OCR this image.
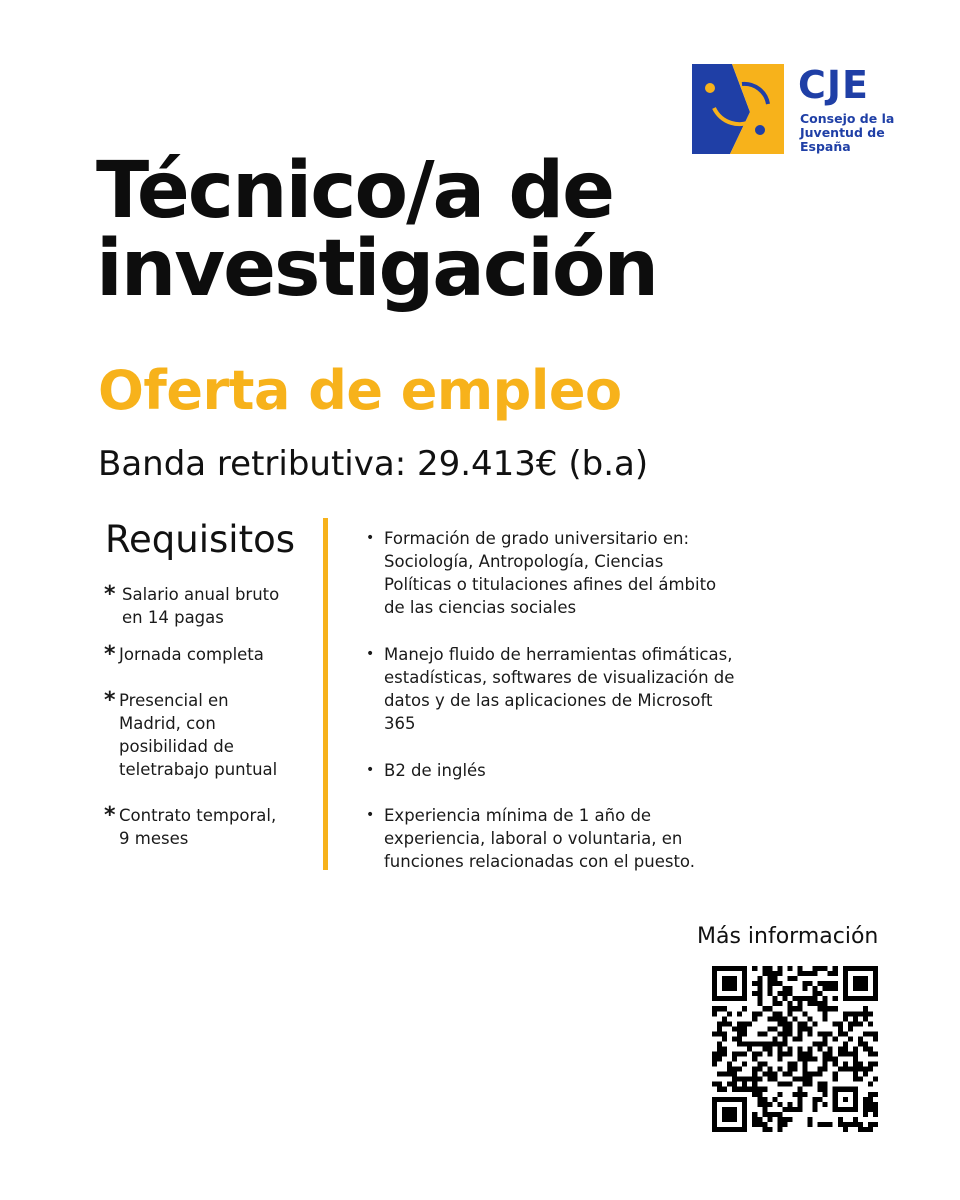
CJE
Consejo de la
Juventud de
España
Técnico/a de
investigación
Oferta de empleo
Banda retributiva: 29.413€ (b.a)
Requisitos
* Salario anual bruto
en 14 pagas
* Jornada completa
* Presencial en
Madrid, con
posibilidad de
teletrabajo puntual
* Contrato temporal,
9 meses
• Formación de grado universitario en:
Sociología, Antropología, Ciencias
Políticas o titulaciones afines del ámbito
de las ciencias sociales
• Manejo fluido de herramientas ofimáticas,
estadísticas, softwares de visualización de
datos y de las aplicaciones de Microsoft
365
• B2 de inglés
• Experiencia mínima de 1 año de
experiencia, laboral o voluntaria, en
funciones relacionadas con el puesto.
Más información
